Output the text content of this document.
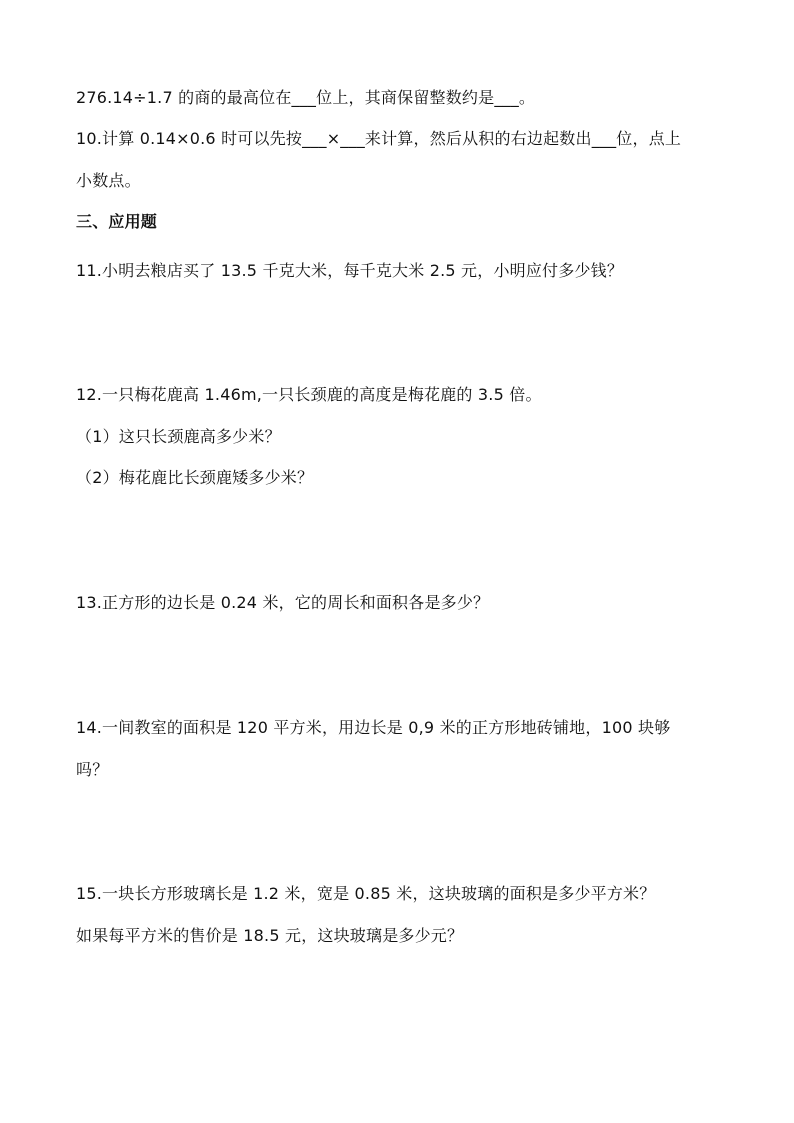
276.14÷1.7 的商的最高位在___位上，其商保留整数约是___。
10.计算 0.14×0.6 时可以先按___×___来计算，然后从积的右边起数出___位，点上
小数点。
三、应用题
11.小明去粮店买了 13.5 千克大米，每千克大米 2.5 元，小明应付多少钱？
12.一只梅花鹿高 1.46m,一只长颈鹿的高度是梅花鹿的 3.5 倍。
（1）这只长颈鹿高多少米？
（2）梅花鹿比长颈鹿矮多少米？
13.正方形的边长是 0.24 米，它的周长和面积各是多少？
14.一间教室的面积是 120 平方米，用边长是 0,9 米的正方形地砖铺地，100 块够
吗？
15.一块长方形玻璃长是 1.2 米，宽是 0.85 米，这块玻璃的面积是多少平方米？
如果每平方米的售价是 18.5 元，这块玻璃是多少元？
